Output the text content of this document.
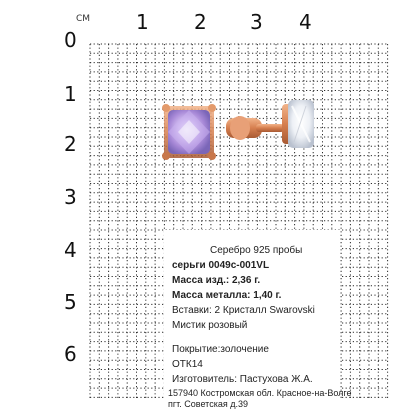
СМ 1 2 3 4
0
1
2
3
4
5
6
Серебро 925 пробы
серьги 0049с-001VL
Масса изд.: 2,36 г.
Масса металла: 1,40 г.
Вставки: 2 Кристалл Swarovski
Мистик розовый
Покрытие:золочение
ОТК14
Изготовитель: Пастухова Ж.А.
157940 Костромская обл. Красное-на-Волге
пгт. Советская д.39
